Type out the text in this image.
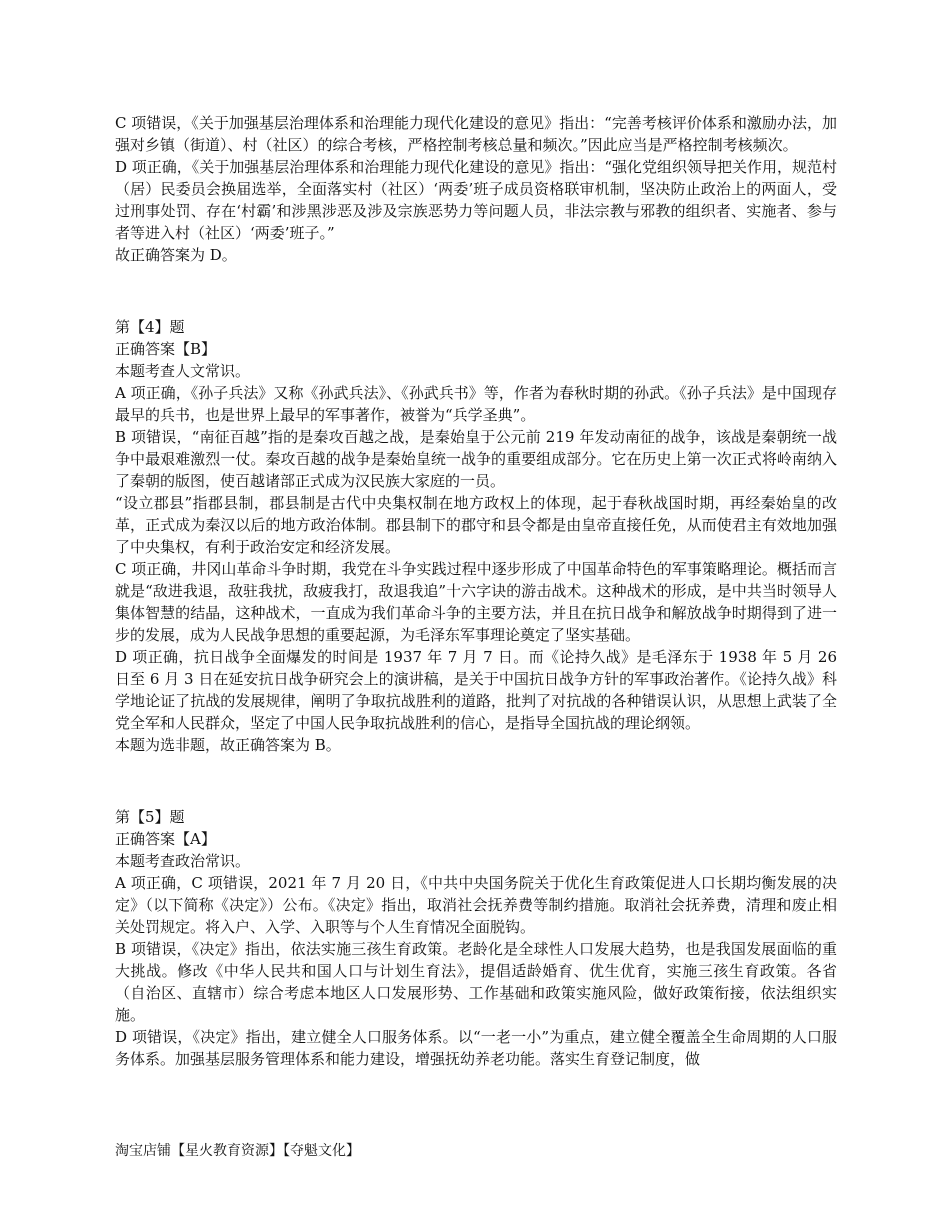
C 项错误，《关于加强基层治理体系和治理能力现代化建设的意见》指出：“完善考核评价体系和激励办法，加强对乡镇（街道）、村（社区）的综合考核，严格控制考核总量和频次。”因此应当是严格控制考核频次。

D 项正确，《关于加强基层治理体系和治理能力现代化建设的意见》指出：“强化党组织领导把关作用，规范村（居）民委员会换届选举，全面落实村（社区）‘两委’班子成员资格联审机制，坚决防止政治上的两面人，受过刑事处罚、存在‘村霸’和涉黑涉恶及涉及宗族恶势力等问题人员，非法宗教与邪教的组织者、实施者、参与者等进入村（社区）‘两委’班子。”

故正确答案为 D。

第【4】题

正确答案【B】

本题考查人文常识。

A 项正确，《孙子兵法》又称《孙武兵法》、《孙武兵书》等，作者为春秋时期的孙武。《孙子兵法》是中国现存最早的兵书，也是世界上最早的军事著作，被誉为“兵学圣典”。

B 项错误，“南征百越”指的是秦攻百越之战，是秦始皇于公元前 219 年发动南征的战争，该战是秦朝统一战争中最艰难激烈一仗。秦攻百越的战争是秦始皇统一战争的重要组成部分。它在历史上第一次正式将岭南纳入了秦朝的版图，使百越诸部正式成为汉民族大家庭的一员。

“设立郡县”指郡县制，郡县制是古代中央集权制在地方政权上的体现，起于春秋战国时期，再经秦始皇的改革，正式成为秦汉以后的地方政治体制。郡县制下的郡守和县令都是由皇帝直接任免，从而使君主有效地加强了中央集权，有利于政治安定和经济发展。

C 项正确，井冈山革命斗争时期，我党在斗争实践过程中逐步形成了中国革命特色的军事策略理论。概括而言就是“敌进我退，敌驻我扰，敌疲我打，敌退我追”十六字诀的游击战术。这种战术的形成，是中共当时领导人集体智慧的结晶，这种战术，一直成为我们革命斗争的主要方法，并且在抗日战争和解放战争时期得到了进一步的发展，成为人民战争思想的重要起源，为毛泽东军事理论奠定了坚实基础。

D 项正确，抗日战争全面爆发的时间是 1937 年 7 月 7 日。而《论持久战》是毛泽东于 1938 年 5 月 26 日至 6 月 3 日在延安抗日战争研究会上的演讲稿，是关于中国抗日战争方针的军事政治著作。《论持久战》科学地论证了抗战的发展规律，阐明了争取抗战胜利的道路，批判了对抗战的各种错误认识，从思想上武装了全党全军和人民群众，坚定了中国人民争取抗战胜利的信心，是指导全国抗战的理论纲领。

本题为选非题，故正确答案为 B。

第【5】题

正确答案【A】

本题考查政治常识。

A 项正确，C 项错误，2021 年 7 月 20 日，《中共中央国务院关于优化生育政策促进人口长期均衡发展的决定》（以下简称《决定》）公布。《决定》指出，取消社会抚养费等制约措施。取消社会抚养费，清理和废止相关处罚规定。将入户、入学、入职等与个人生育情况全面脱钩。

B 项错误，《决定》指出，依法实施三孩生育政策。老龄化是全球性人口发展大趋势，也是我国发展面临的重大挑战。修改《中华人民共和国人口与计划生育法》，提倡适龄婚育、优生优育，实施三孩生育政策。各省（自治区、直辖市）综合考虑本地区人口发展形势、工作基础和政策实施风险，做好政策衔接，依法组织实施。

D 项错误，《决定》指出，建立健全人口服务体系。以“一老一小”为重点，建立健全覆盖全生命周期的人口服务体系。加强基层服务管理体系和能力建设，增强抚幼养老功能。落实生育登记制度，做

淘宝店铺【星火教育资源】【夺魁文化】
